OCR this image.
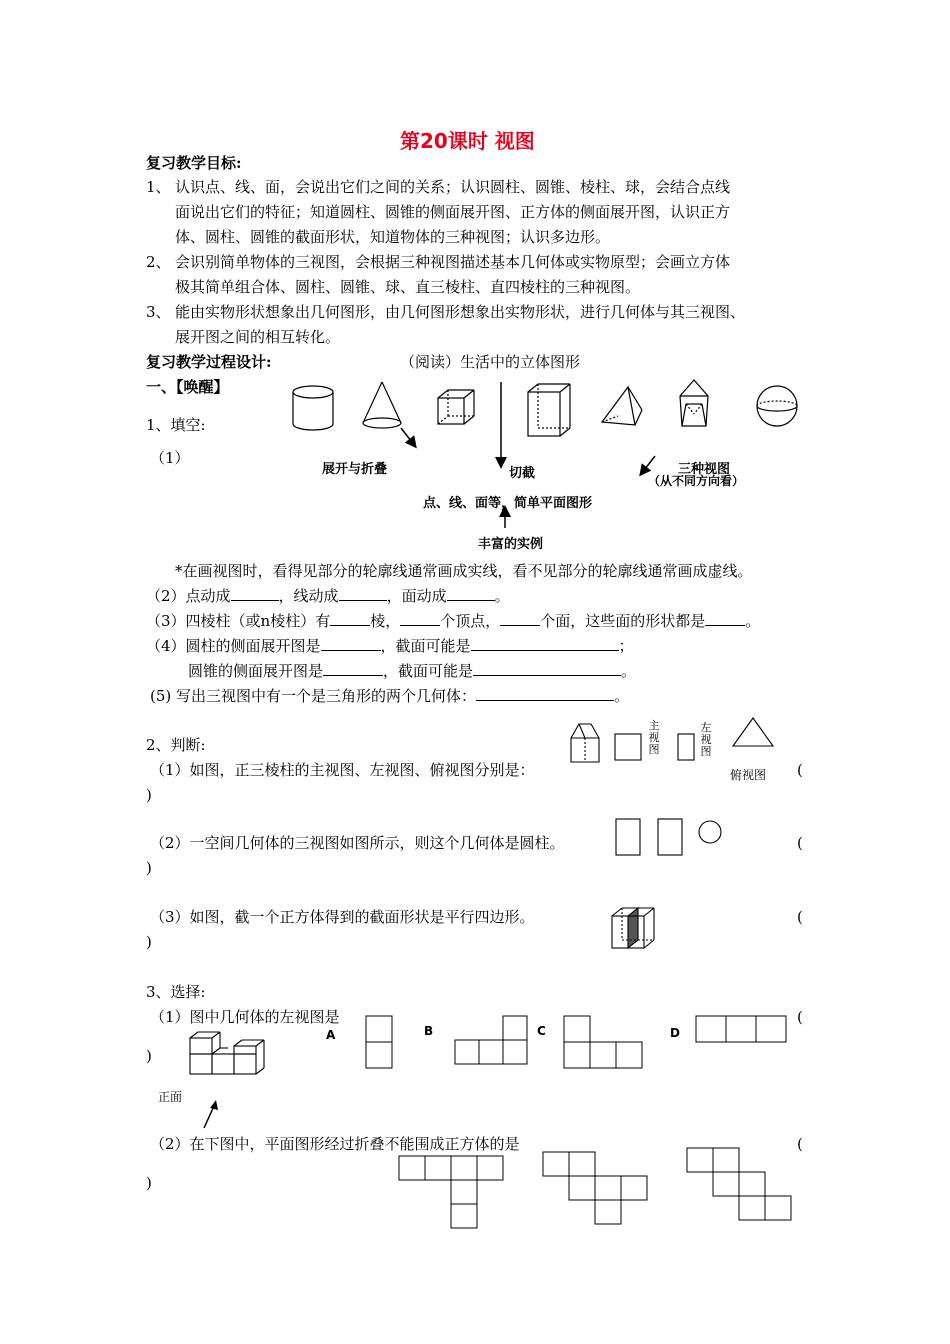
第20课时 视图
复习教学目标:
1、 认识点、线、面，会说出它们之间的关系；认识圆柱、圆锥、棱柱、球，会结合点线
面说出它们的特征；知道圆柱、圆锥的侧面展开图、正方体的侧面展开图，认识正方
体、圆柱、圆锥的截面形状，知道物体的三种视图；认识多边形。
2、 会识别简单物体的三视图，会根据三种视图描述基本几何体或实物原型；会画立方体
极其简单组合体、圆柱、圆锥、球、直三棱柱、直四棱柱的三种视图。
3、 能由实物形状想象出几何图形，由几何图形想象出实物形状，进行几何体与其三视图、
展开图之间的相互转化。
复习教学过程设计:	（阅读）生活中的立体图形
一、【唤醒】
1、填空:
（1）
展开与折叠	切截	三种视图
（从不同方向看）
点、线、面等，简单平面图形
丰富的实例
*在画视图时，看得见部分的轮廓线通常画成实线，看不见部分的轮廓线通常画成虚线。
（2）点动成	，线动成	，面动成	。
（3）四棱柱（或n棱柱）有	棱，	个顶点，	个面，这些面的形状都是	。
（4）圆柱的侧面展开图是	，截面可能是	；
圆锥的侧面展开图是	，截面可能是	。
(5) 写出三视图中有一个是三角形的两个几何体：	。
2、判断:
（1）如图，正三棱柱的主视图、左视图、俯视图分别是：	(
)
主视图
左视图
俯视图
（2）一空间几何体的三视图如图所示，则这个几何体是圆柱。	(
)
（3）如图，截一个正方体得到的截面形状是平行四边形。	(
)
3、选择:
（1）图中几何体的左视图是	(
)
正面
A	B	C	D
（2）在下图中，平面图形经过折叠不能围成正方体的是	(
)
